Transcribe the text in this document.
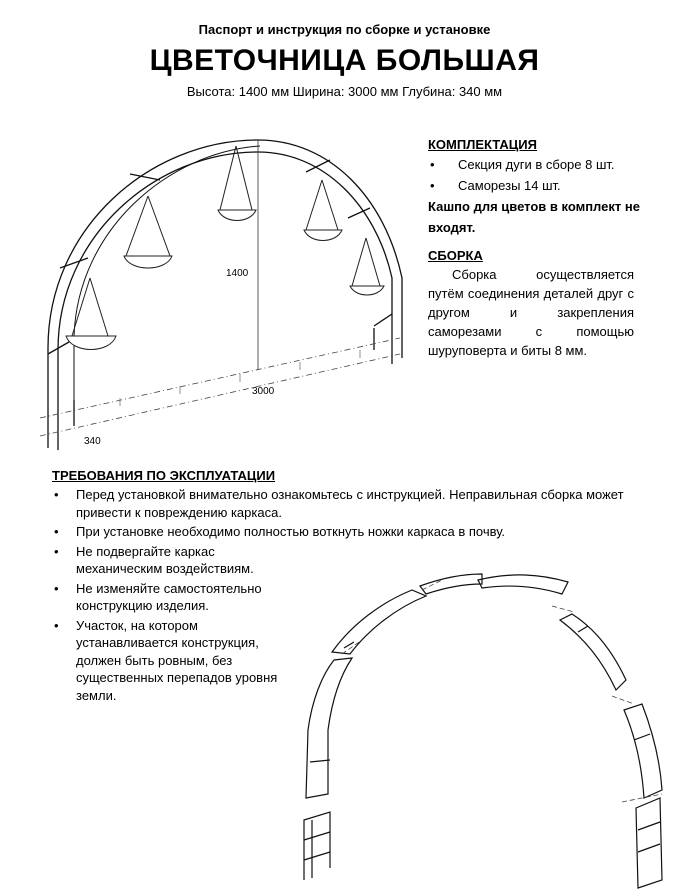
Паспорт и инструкция по сборке и установке
ЦВЕТОЧНИЦА БОЛЬШАЯ
Высота: 1400 мм Ширина: 3000 мм Глубина: 340 мм
1400
3000
340
КОМПЛЕКТАЦИЯ
• Секция дуги в сборе 8 шт.
• Саморезы 14 шт.
Кашпо для цветов в комплект не входят.
СБОРКА

Сборка осуществляется путём соединения деталей друг с другом и закрепления саморезами с помощью шуруповерта и биты 8 мм.

ТРЕБОВАНИЯ ПО ЭКСПЛУАТАЦИИ
• Перед установкой внимательно ознакомьтесь с инструкцией. Неправильная сборка может привести к повреждению каркаса.
• При установке необходимо полностью воткнуть ножки каркаса в почву.
• Не подвергайте каркас механическим воздействиям.
• Не изменяйте самостоятельно конструкцию изделия.
• Участок, на котором устанавливается конструкция, должен быть ровным, без существенных перепадов уровня земли.
